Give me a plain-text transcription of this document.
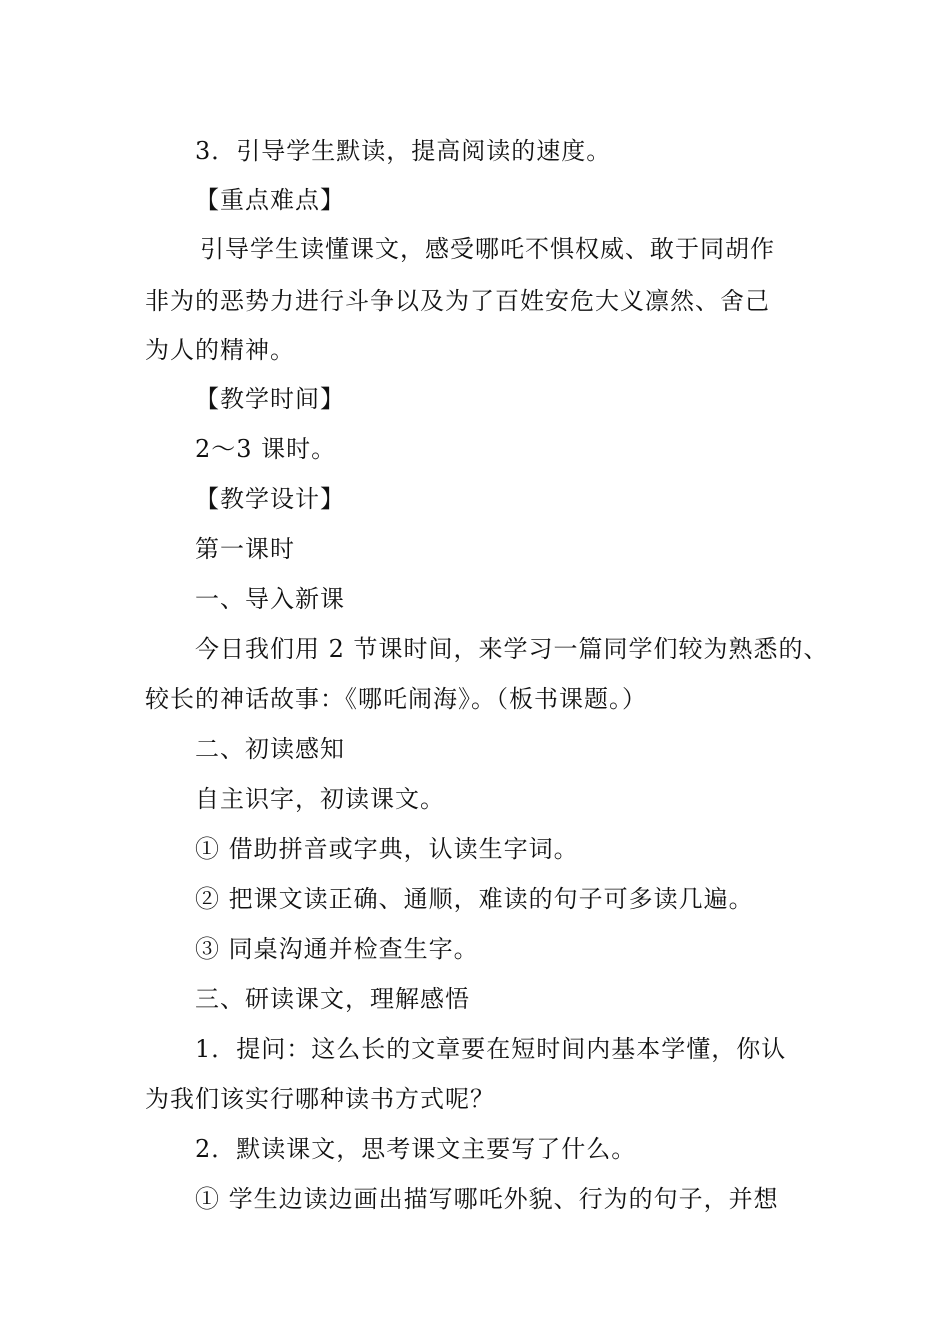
3．引导学生默读，提高阅读的速度。
【重点难点】
引导学生读懂课文，感受哪吒不惧权威、敢于同胡作
非为的恶势力进行斗争以及为了百姓安危大义凛然、舍己
为人的精神。
【教学时间】
2～3 课时。
【教学设计】
第一课时
一、导入新课
今日我们用 2 节课时间，来学习一篇同学们较为熟悉的、
较长的神话故事：《哪吒闹海》。（板书课题。）
二、初读感知
自主识字，初读课文。
① 借助拼音或字典，认读生字词。
② 把课文读正确、通顺，难读的句子可多读几遍。
③ 同桌沟通并检查生字。
三、研读课文，理解感悟
1．提问：这么长的文章要在短时间内基本学懂，你认
为我们该实行哪种读书方式呢？
2．默读课文，思考课文主要写了什么。
① 学生边读边画出描写哪吒外貌、行为的句子，并想
